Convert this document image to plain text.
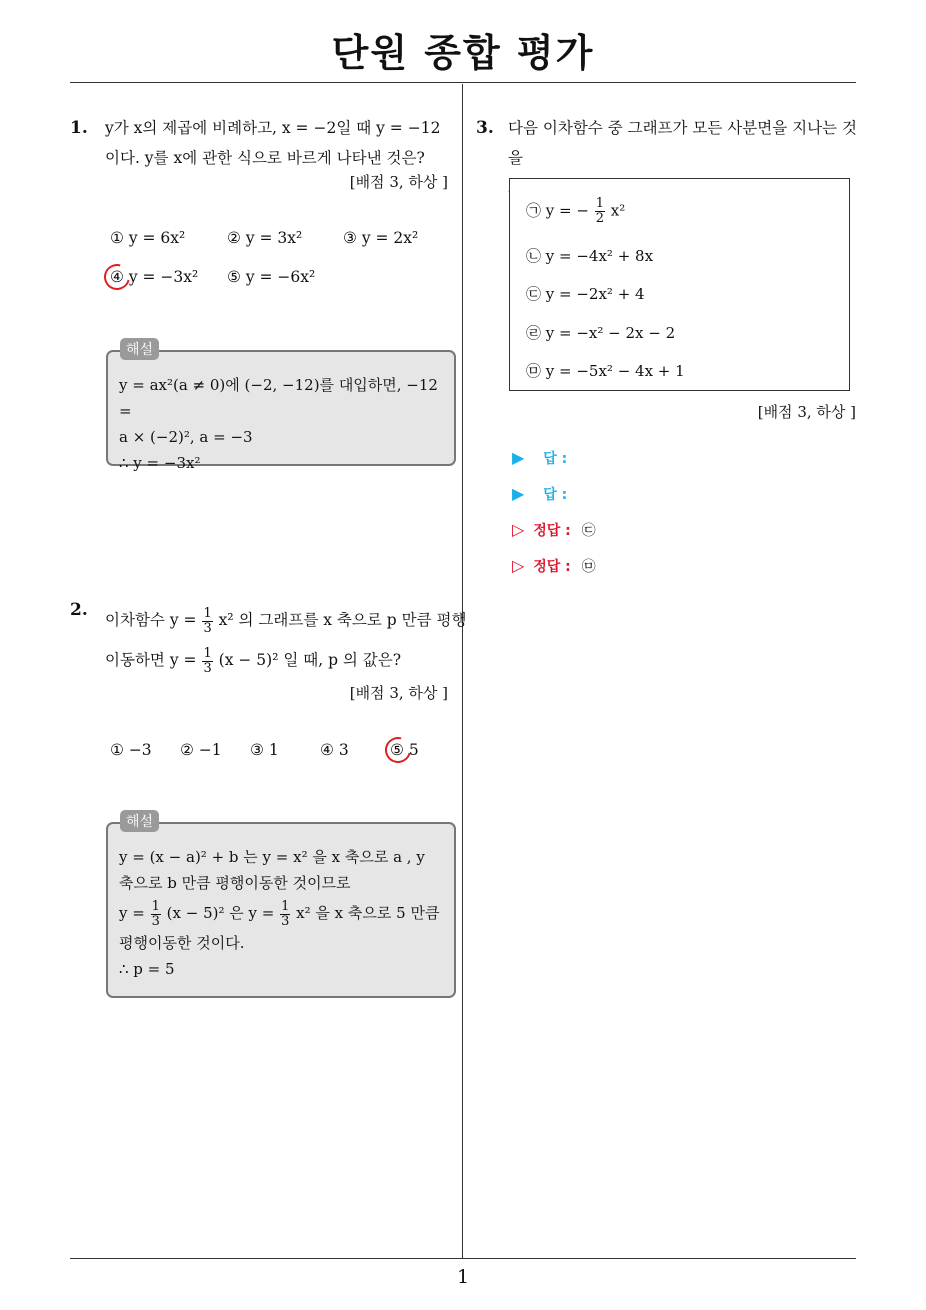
단원 종합 평가
1
1. y가 x의 제곱에 비례하고, x = −2일 때 y = −12
이다. y를 x에 관한 식으로 바르게 나타낸 것은?
[배점 3, 하상 ]
① y = 6x²	② y = 3x²	③ y = 2x²
④ y = −3x² ⑤ y = −6x²
y = ax²(a ≠ 0)에 (−2, −12)를 대입하면, −12 =
a × (−2)², a = −3
∴ y = −3x²
해설
2. 이차함수 $y = \frac{1}{3} x^2$ 의 그래프를 x 축으로 p 만큼 평행
이동하면 $y = \frac{1}{3} (x - 5)^2$ 일 때, p 의 값은?
[배점 3, 하상 ]
① −3 ② −1 ③ 1	④ 3	⑤ 5
y = (x − a)² + b 는 y = x² 을 x 축으로 a , y
축으로 b 만큼 평행이동한 것이므로
$y = \frac{1}{3} (x - 5)^2$ 은 $y = \frac{1}{3} x^2$ 을 x 축으로 5 만큼
평행이동한 것이다.
∴ p = 5
해설
3. 다음 이차함수 중 그래프가 모든 사분면을 지나는 것을
㉠ y = − $\frac{1}{2} x^2$
㉡ y = −4x² + 8x
㉢ y = −2x² + 4
㉣ y = −x² − 2x − 2
㉤ y = −5x² − 4x + 1
[배점 3, 하상 ]
▶ 답 :
▶ 답 :
▷ 정답 : ㉢
▷ 정답 : ㉤
